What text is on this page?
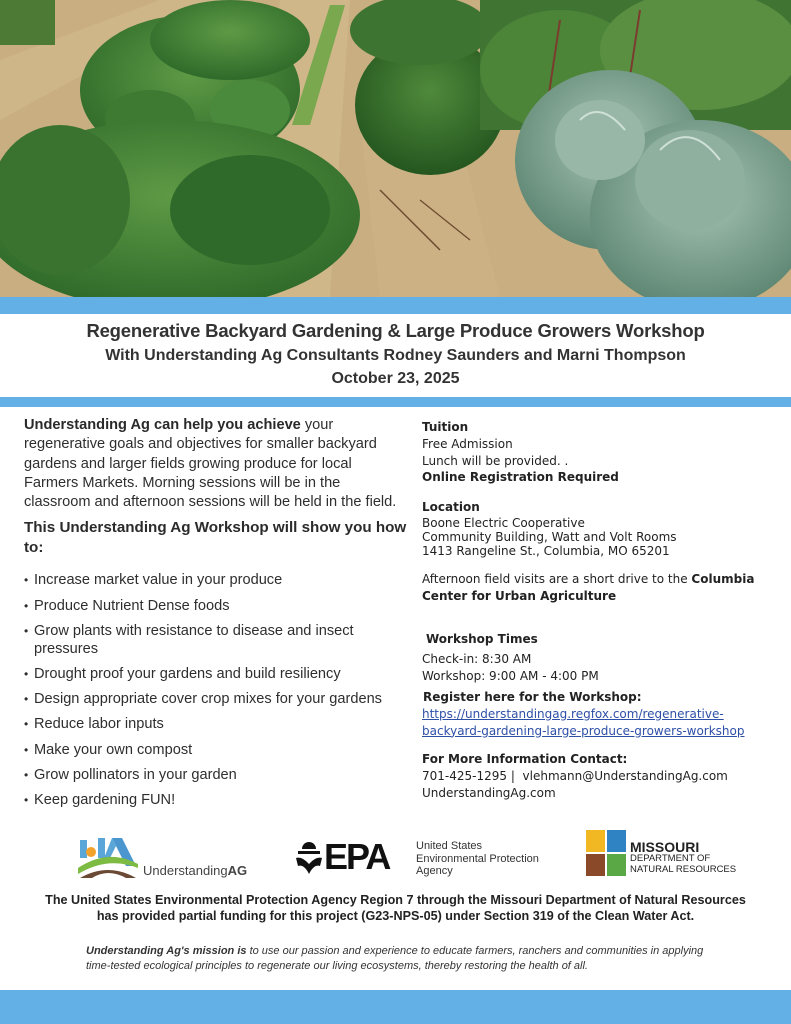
Regenerative Backyard Gardening & Large Produce Growers Workshop
With Understanding Ag Consultants Rodney Saunders and Marni Thompson
October 23, 2025

Understanding Ag can help you achieve your regenerative goals and objectives for smaller backyard gardens and larger fields growing produce for local Farmers Markets. Morning sessions will be in the classroom and afternoon sessions will be held in the field.

This Understanding Ag Workshop will show you how to:

• Increase market value in your produce
• Produce Nutrient Dense foods
• Grow plants with resistance to disease and insect pressures
• Drought proof your gardens and build resiliency
• Design appropriate cover crop mixes for your gardens
• Reduce labor inputs
• Make your own compost
• Grow pollinators in your garden
• Keep gardening FUN!
Tuition
Free Admission
Lunch will be provided. .
Online Registration Required
Location
Boone Electric Cooperative
Community Building, Watt and Volt Rooms
1413 Rangeline St., Columbia, MO 65201
Afternoon field visits are a short drive to the Columbia Center for Urban Agriculture
Workshop Times
Check-in: 8:30 AM
Workshop: 9:00 AM - 4:00 PM
Register here for the Workshop:
https://understandingag.regfox.com/regenerative-
backyard-gardening-large-produce-growers-workshop
For More Information Contact:
701-425-1295 |  vlehmann@UnderstandingAg.com
UnderstandingAg.com
UnderstandingAG EPA United States
Environmental Protection
Agency
MISSOURI
DEPARTMENT OF
NATURAL RESOURCES
The United States Environmental Protection Agency Region 7 through the Missouri Department of Natural Resources
has provided partial funding for this project (G23-NPS-05) under Section 319 of the Clean Water Act.

Understanding Ag's mission is to use our passion and experience to educate farmers, ranchers and communities in applying time-tested ecological principles to regenerate our living ecosystems, thereby restoring the health of all.
